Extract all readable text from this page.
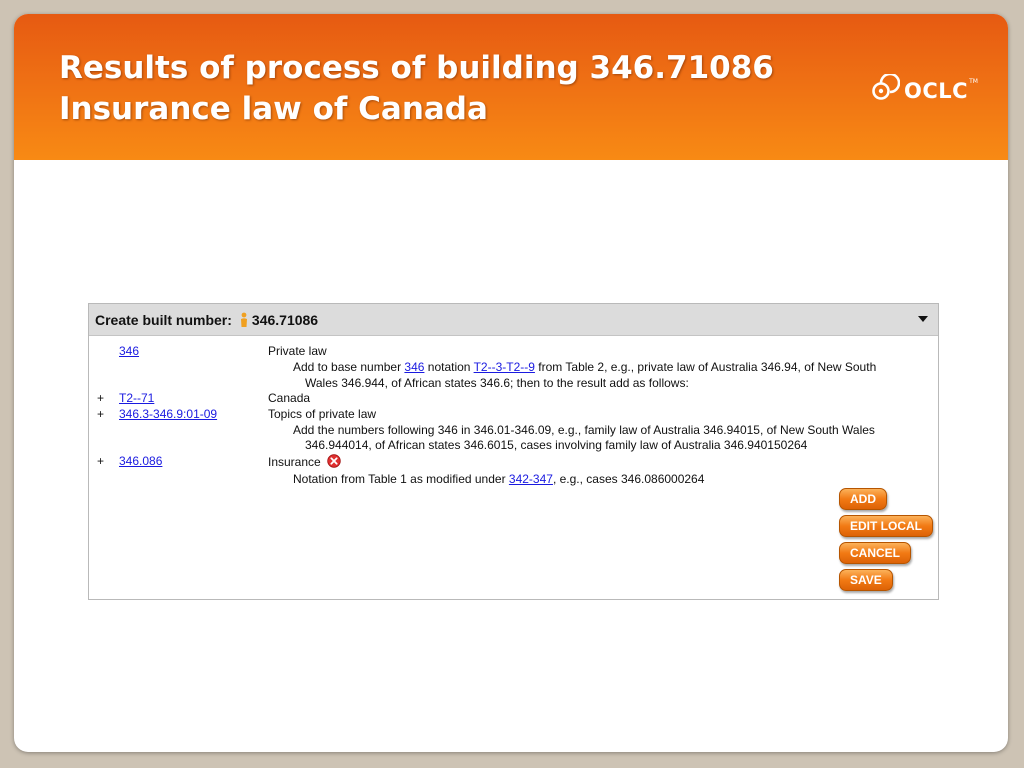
Results of process of building 346.71086
Insurance law of Canada	OCLC TM
Create built number: 346.71086
346	Private law
Add to base number 346 notation T2--3-T2--9 from Table 2, e.g., private law of Australia 346.94, of New South
Wales 346.944, of African states 346.6; then to the result add as follows:
+ T2--71	Canada
+ 346.3-346.9:01-09	Topics of private law
Add the numbers following 346 in 346.01-346.09, e.g., family law of Australia 346.94015, of New South Wales
346.944014, of African states 346.6015, cases involving family law of Australia 346.940150264
+ 346.086	Insurance
Notation from Table 1 as modified under 342-347, e.g., cases 346.086000264
ADD
EDIT LOCAL
CANCEL
SAVE
